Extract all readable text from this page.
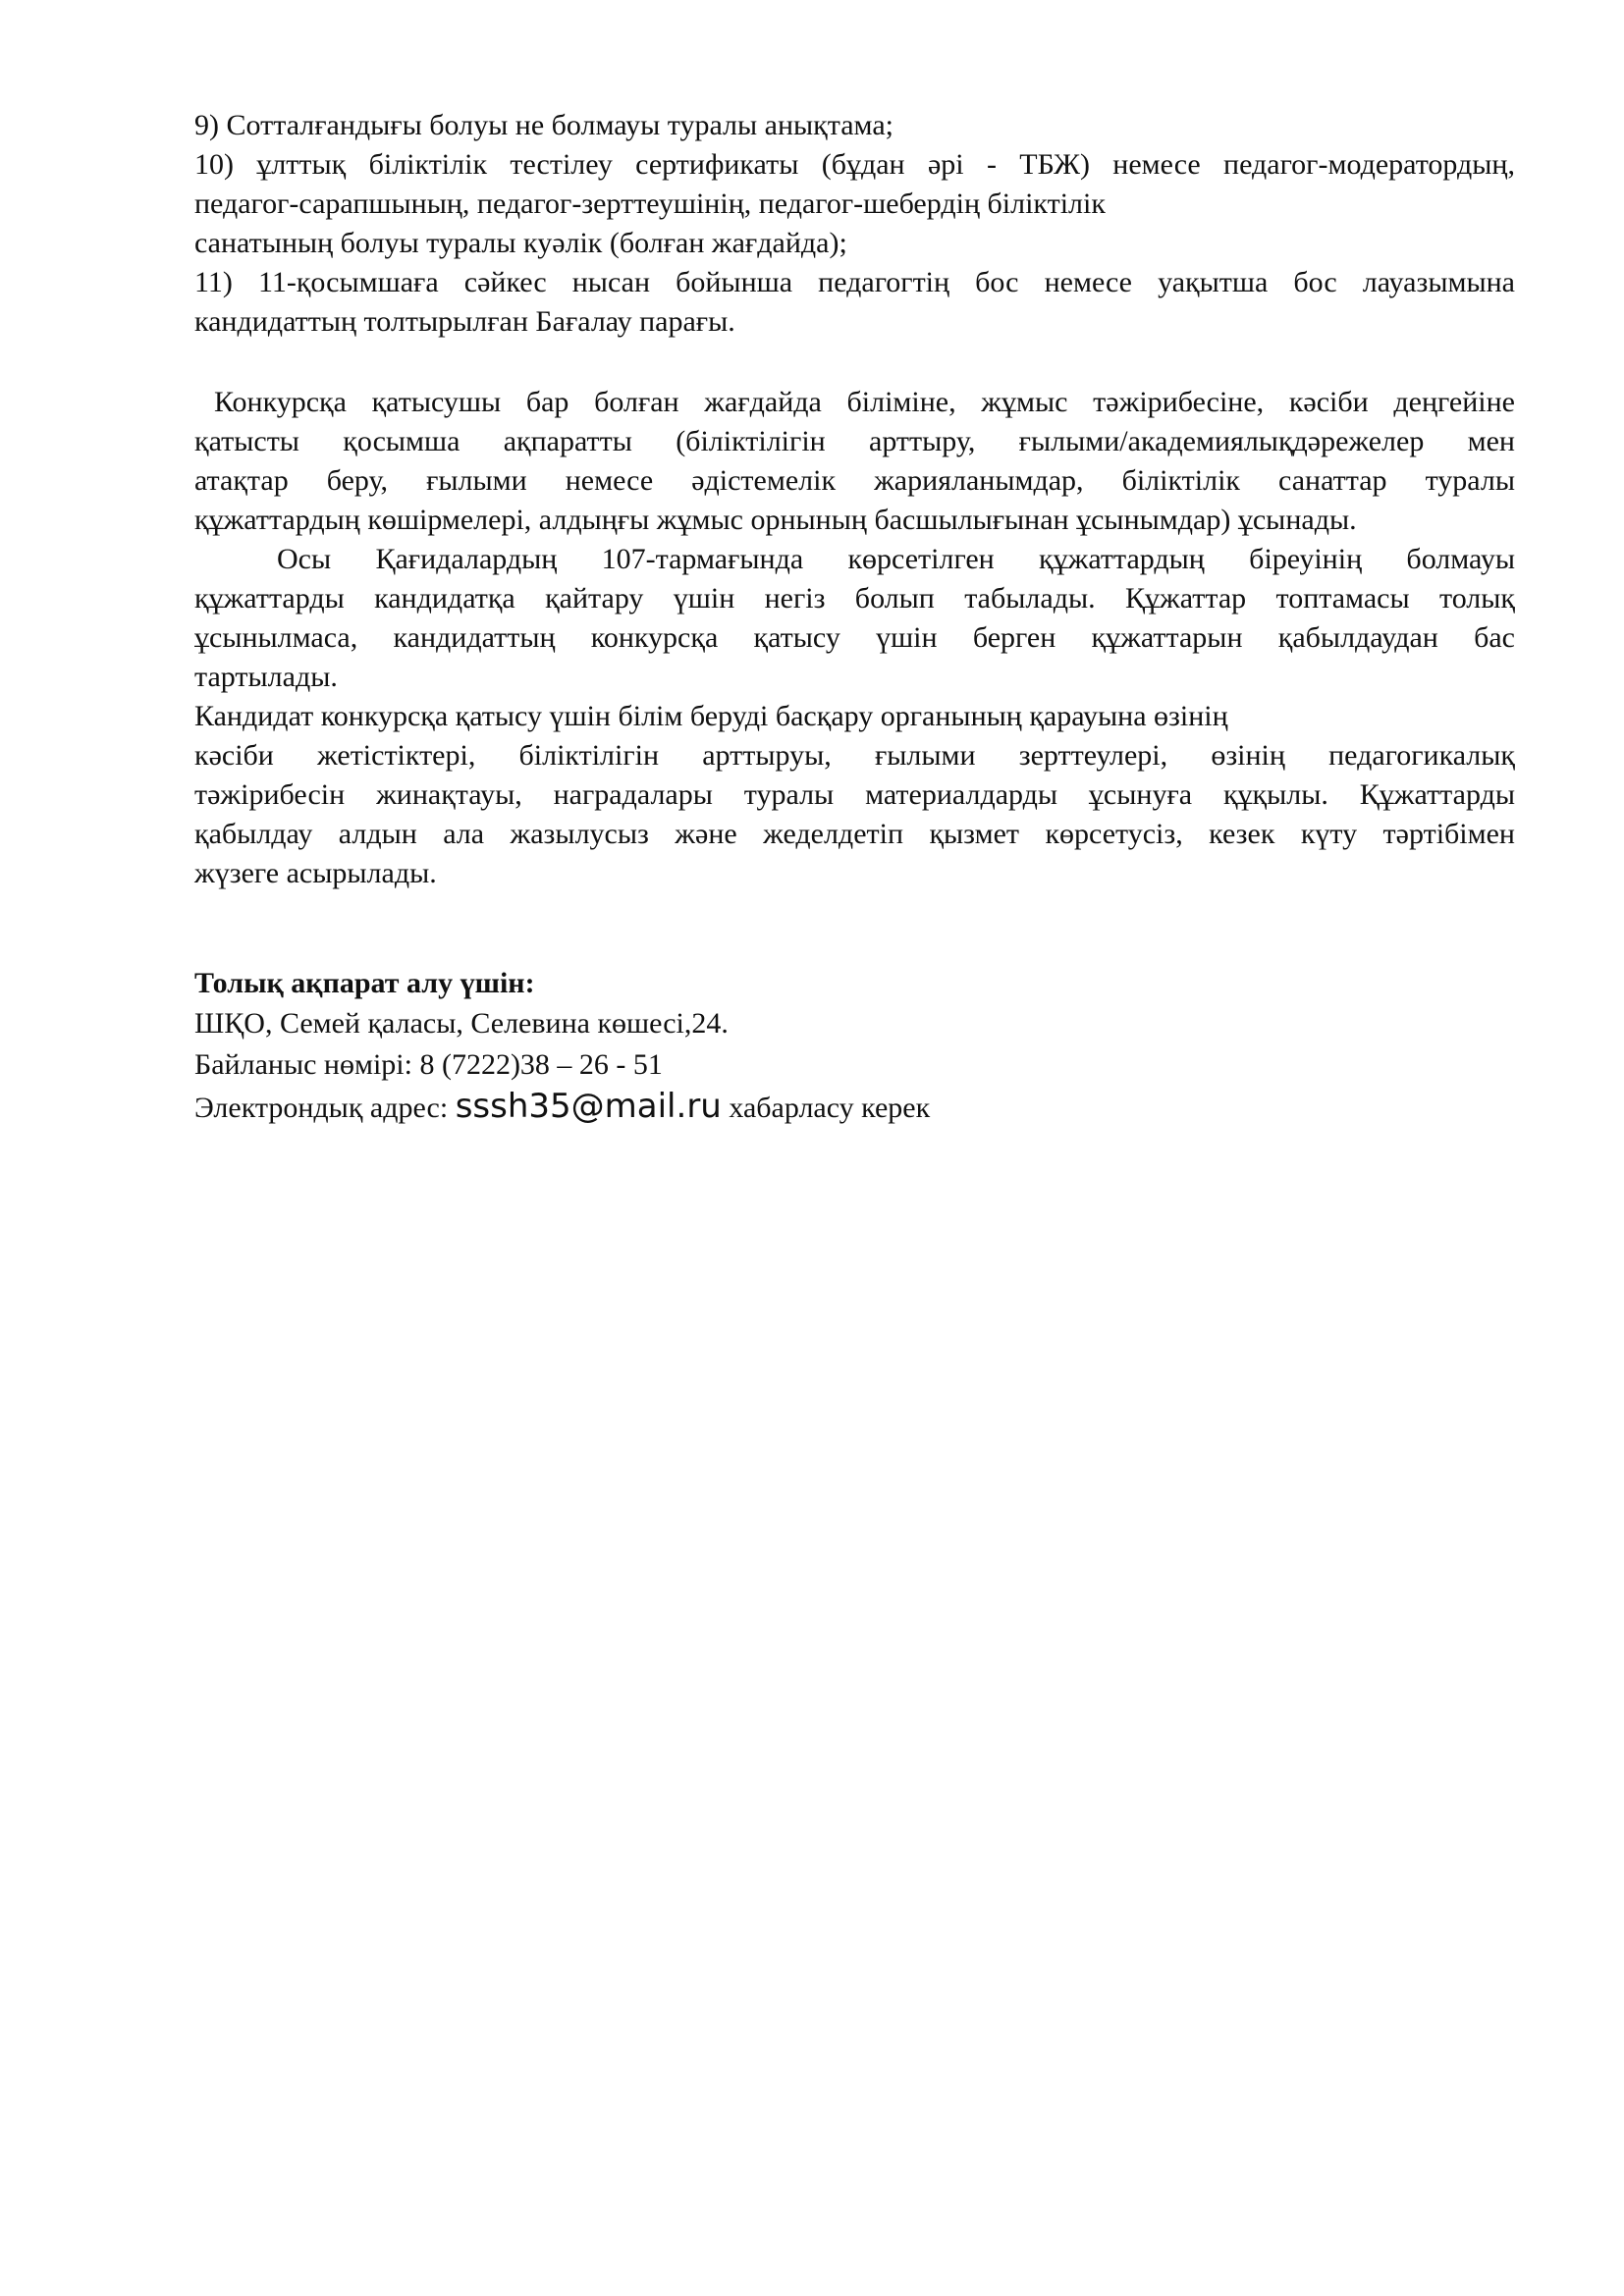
9) Сотталғандығы болуы не болмауы туралы анықтама;
10) ұлттық біліктілік тестілеу сертификаты (бұдан әрі - ТБЖ) немесе педагог-модератордың,
педагог-сарапшының, педагог-зерттеушінің, педагог-шебердің біліктілік
санатының болуы туралы куәлік (болған жағдайда);
11) 11-қосымшаға сәйкес нысан бойынша педагогтің бос немесе уақытша бос лауазымына
кандидаттың толтырылған Бағалау парағы.
Конкурсқа қатысушы бар болған жағдайда біліміне, жұмыс тәжірибесіне, кәсіби деңгейіне
қатысты қосымша ақпаратты (біліктілігін арттыру, ғылыми/академиялықдәрежелер мен
атақтар беру, ғылыми немесе әдістемелік жарияланымдар, біліктілік санаттар туралы
құжаттардың көшірмелері, алдыңғы жұмыс орнының басшылығынан ұсынымдар) ұсынады.
Осы Қағидалардың 107-тармағында көрсетілген құжаттардың біреуінің болмауы
құжаттарды кандидатқа қайтару үшін негіз болып табылады. Құжаттар топтамасы толық
ұсынылмаса, кандидаттың конкурсқа қатысу үшін берген құжаттарын қабылдаудан бас
тартылады.
Кандидат конкурсқа қатысу үшін білім беруді басқару органының қарауына өзінің
кәсіби жетістіктері, біліктілігін арттыруы, ғылыми зерттеулері, өзінің педагогикалық
тәжірибесін жинақтауы, наградалары туралы материалдарды ұсынуға құқылы. Құжаттарды
қабылдау алдын ала жазылусыз және жеделдетіп қызмет көрсетусіз, кезек күту тәртібімен
жүзеге асырылады.
Толық ақпарат алу үшін:
ШҚО, Семей қаласы, Селевина көшесі,24.
Байланыс нөмірі: 8 (7222)38 – 26 - 51
Электрондық адрес: sssh35@mail.ru хабарласу керек
